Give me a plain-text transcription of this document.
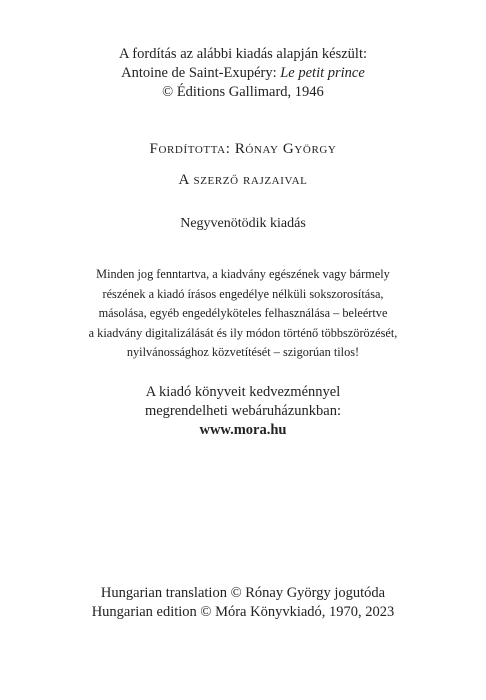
A fordítás az alábbi kiadás alapján készült:
Antoine de Saint-Exupéry: Le petit prince
© Éditions Gallimard, 1946
Fordította: Rónay György
A szerző rajzaival
Negyvenötödik kiadás
Minden jog fenntartva, a kiadvány egészének vagy bármely
részének a kiadó írásos engedélye nélküli sokszorosítása,
másolása, egyéb engedélyköteles felhasználása – beleértve
a kiadvány digitalizálását és ily módon történő többszörözését,
nyilvánossághoz közvetítését – szigorúan tilos!
A kiadó könyveit kedvezménnyel
megrendelheti webáruházunkban:
www.mora.hu
Hungarian translation © Rónay György jogutóda
Hungarian edition © Móra Könyvkiadó, 1970, 2023
